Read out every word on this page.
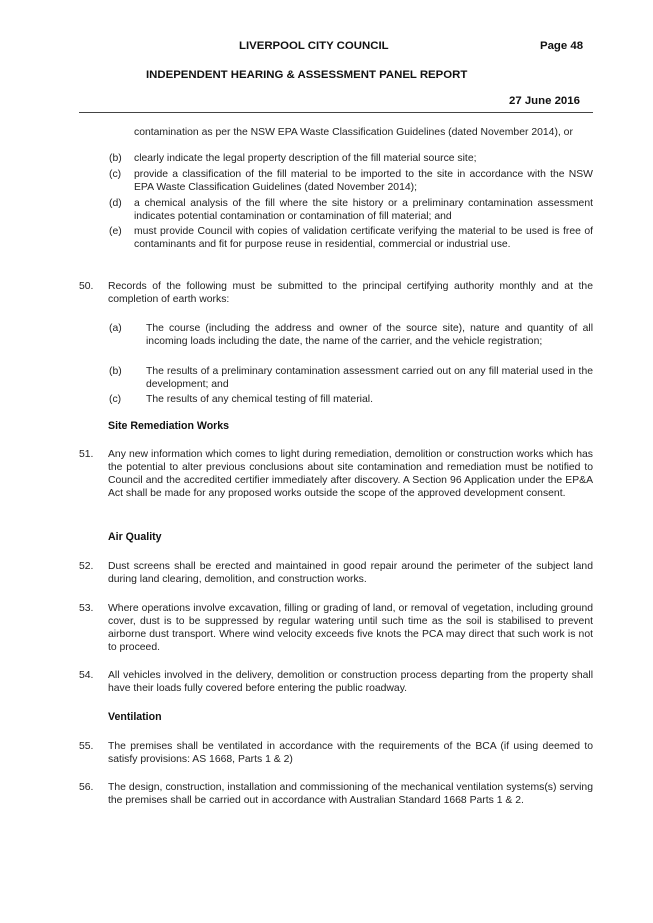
LIVERPOOL CITY COUNCIL	Page 48
INDEPENDENT HEARING & ASSESSMENT PANEL REPORT
27 June 2016
contamination as per the NSW EPA Waste Classification Guidelines (dated November 2014), or
(b) clearly indicate the legal property description of the fill material source site;
(c) provide a classification of the fill material to be imported to the site in accordance with the NSW EPA Waste Classification Guidelines (dated November 2014);
(d) a chemical analysis of the fill where the site history or a preliminary contamination assessment indicates potential contamination or contamination of fill material; and
(e) must provide Council with copies of validation certificate verifying the material to be used is free of contaminants and fit for purpose reuse in residential, commercial or industrial use.
50. Records of the following must be submitted to the principal certifying authority monthly and at the completion of earth works:
(a) The course (including the address and owner of the source site), nature and quantity of all incoming loads including the date, the name of the carrier, and the vehicle registration;
(b) The results of a preliminary contamination assessment carried out on any fill material used in the development; and
(c) The results of any chemical testing of fill material.
Site Remediation Works
51. Any new information which comes to light during remediation, demolition or construction works which has the potential to alter previous conclusions about site contamination and remediation must be notified to Council and the accredited certifier immediately after discovery. A Section 96 Application under the EP&A Act shall be made for any proposed works outside the scope of the approved development consent.
Air Quality
52. Dust screens shall be erected and maintained in good repair around the perimeter of the subject land during land clearing, demolition, and construction works.
53. Where operations involve excavation, filling or grading of land, or removal of vegetation, including ground cover, dust is to be suppressed by regular watering until such time as the soil is stabilised to prevent airborne dust transport. Where wind velocity exceeds five knots the PCA may direct that such work is not to proceed.
54. All vehicles involved in the delivery, demolition or construction process departing from the property shall have their loads fully covered before entering the public roadway.
Ventilation
55. The premises shall be ventilated in accordance with the requirements of the BCA (if using deemed to satisfy provisions: AS 1668, Parts 1 & 2)
56. The design, construction, installation and commissioning of the mechanical ventilation systems(s) serving the premises shall be carried out in accordance with Australian Standard 1668 Parts 1 & 2.
